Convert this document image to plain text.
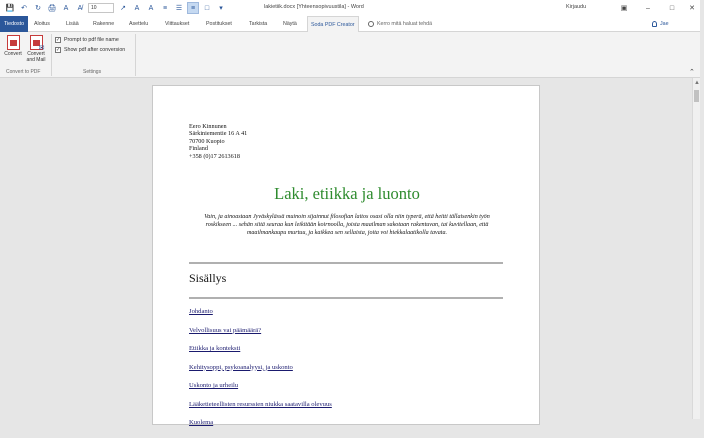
💾 ↶	↻ 🖨	A	A̸	10	↗	A	A	≡	☰	≡	□	▾	lakietiik.docx [Yhteensopivuustila] - Word	Kirjaudu	▣	–	□	✕
Tiedosto	Aloitus	Lisää	Rakenne	Asettelu	Viittaukset	Postitukset	Tarkista	Näytä	Soda PDF Creator	Kerro mitä haluat tehdä	Jae
Convert
✉	Convert
and Mail
Convert to PDF
✓ Prompt to pdf file name
✓ Show pdf after conversion
Settings	⌃
▲
Eero Kinnunen
Särkiniementie 16 A 41
70700 Kuopio
Finland
+358 (0)17 2613618
Laki, etiikka ja luonto
Vain, ja ainoastaan Jyväskylässä muinoin sijainnut filosofian laitos osasi olla niin typerä, että heitti tällaisenkin työn roskikseen ... sehän siitä seuraa kun leikitään koirnoolla, joista maailman sakotaan rakentuvan, tai kuvitellaan, että maailmankaupu murtuu, ja kaikkea sen sellaista, joita voi hiekkalaatikolla tavata.
Sisällys
Johdanto
Velvollisuus vai päämäärä?
Etiikka ja konteksti
Kehitysoppi, psykoanalyysi, ja uskonto
Uskonto ja urheilu
Lääketieteellisten resurssien niukka saatavilla olevuus
Kuolema
